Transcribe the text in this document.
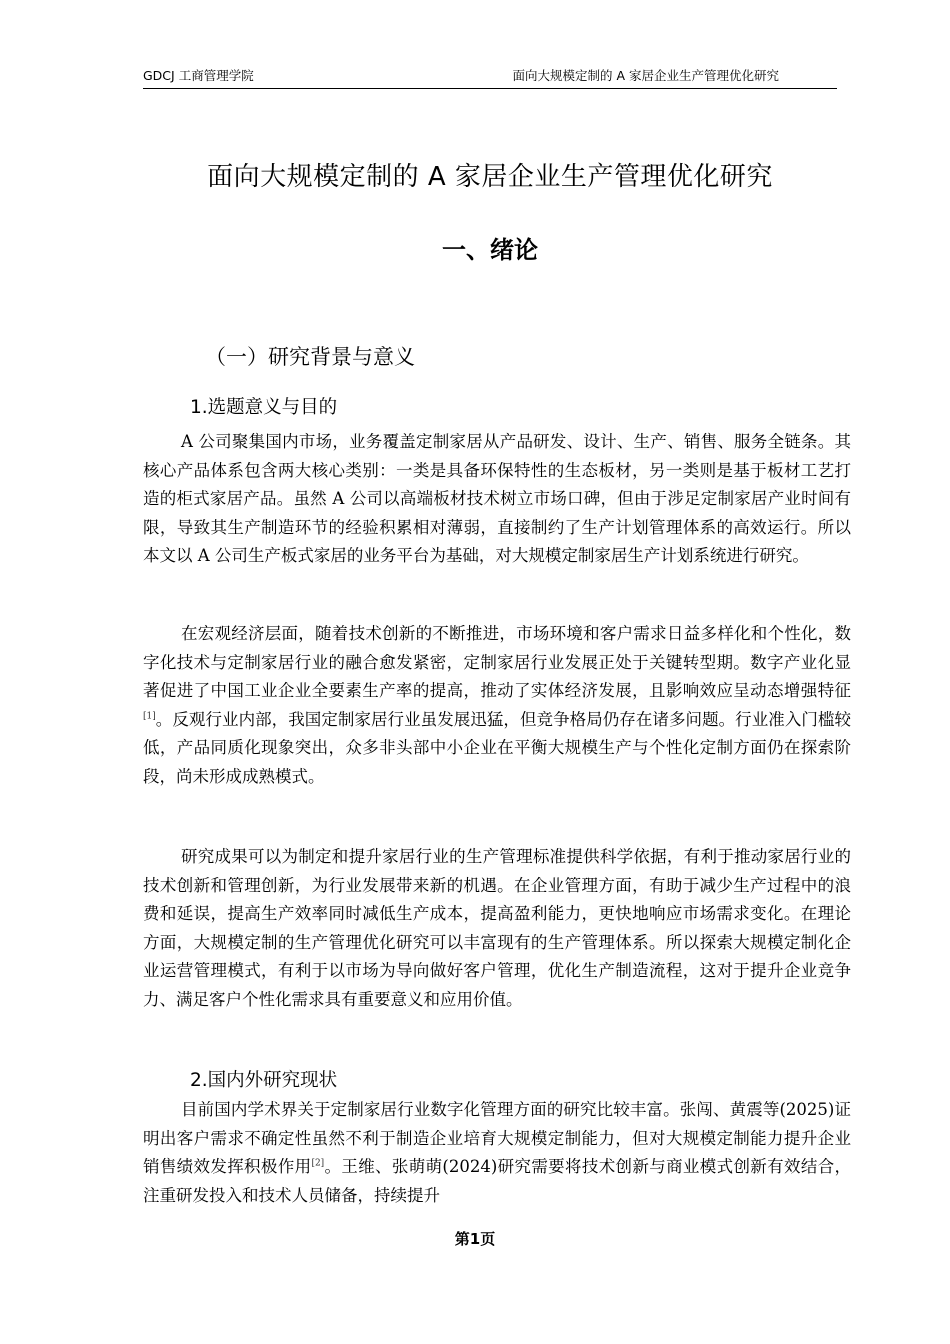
GDCJ 工商管理学院	面向大规模定制的 A 家居企业生产管理优化研究
面向大规模定制的 A 家居企业生产管理优化研究
一、绪论
（一）研究背景与意义
1.选题意义与目的

A 公司聚集国内市场，业务覆盖定制家居从产品研发、设计、生产、销售、服务全链条。其核心产品体系包含两大核心类别：一类是具备环保特性的生态板材，另一类则是基于板材工艺打造的柜式家居产品。虽然 A 公司以高端板材技术树立市场口碑，但由于涉足定制家居产业时间有限，导致其生产制造环节的经验积累相对薄弱，直接制约了生产计划管理体系的高效运行。所以本文以 A 公司生产板式家居的业务平台为基础，对大规模定制家居生产计划系统进行研究。

在宏观经济层面，随着技术创新的不断推进，市场环境和客户需求日益多样化和个性化，数字化技术与定制家居行业的融合愈发紧密，定制家居行业发展正处于关键转型期。数字产业化显著促进了中国工业企业全要素生产率的提高，推动了实体经济发展，且影响效应呈动态增强特征[1]。反观行业内部，我国定制家居行业虽发展迅猛，但竞争格局仍存在诸多问题。行业准入门槛较低，产品同质化现象突出，众多非头部中小企业在平衡大规模生产与个性化定制方面仍在探索阶段，尚未形成成熟模式。

研究成果可以为制定和提升家居行业的生产管理标准提供科学依据，有利于推动家居行业的技术创新和管理创新，为行业发展带来新的机遇。在企业管理方面，有助于减少生产过程中的浪费和延误，提高生产效率同时减低生产成本，提高盈利能力，更快地响应市场需求变化。在理论方面，大规模定制的生产管理优化研究可以丰富现有的生产管理体系。所以探索大规模定制化企业运营管理模式，有利于以市场为导向做好客户管理，优化生产制造流程，这对于提升企业竞争力、满足客户个性化需求具有重要意义和应用价值。

2.国内外研究现状

目前国内学术界关于定制家居行业数字化管理方面的研究比较丰富。张闯、黄震等(2025)证明出客户需求不确定性虽然不利于制造企业培育大规模定制能力，但对大规模定制能力提升企业销售绩效发挥积极作用[2]。王维、张萌萌(2024)研究需要将技术创新与商业模式创新有效结合，注重研发投入和技术人员储备，持续提升

第1页
